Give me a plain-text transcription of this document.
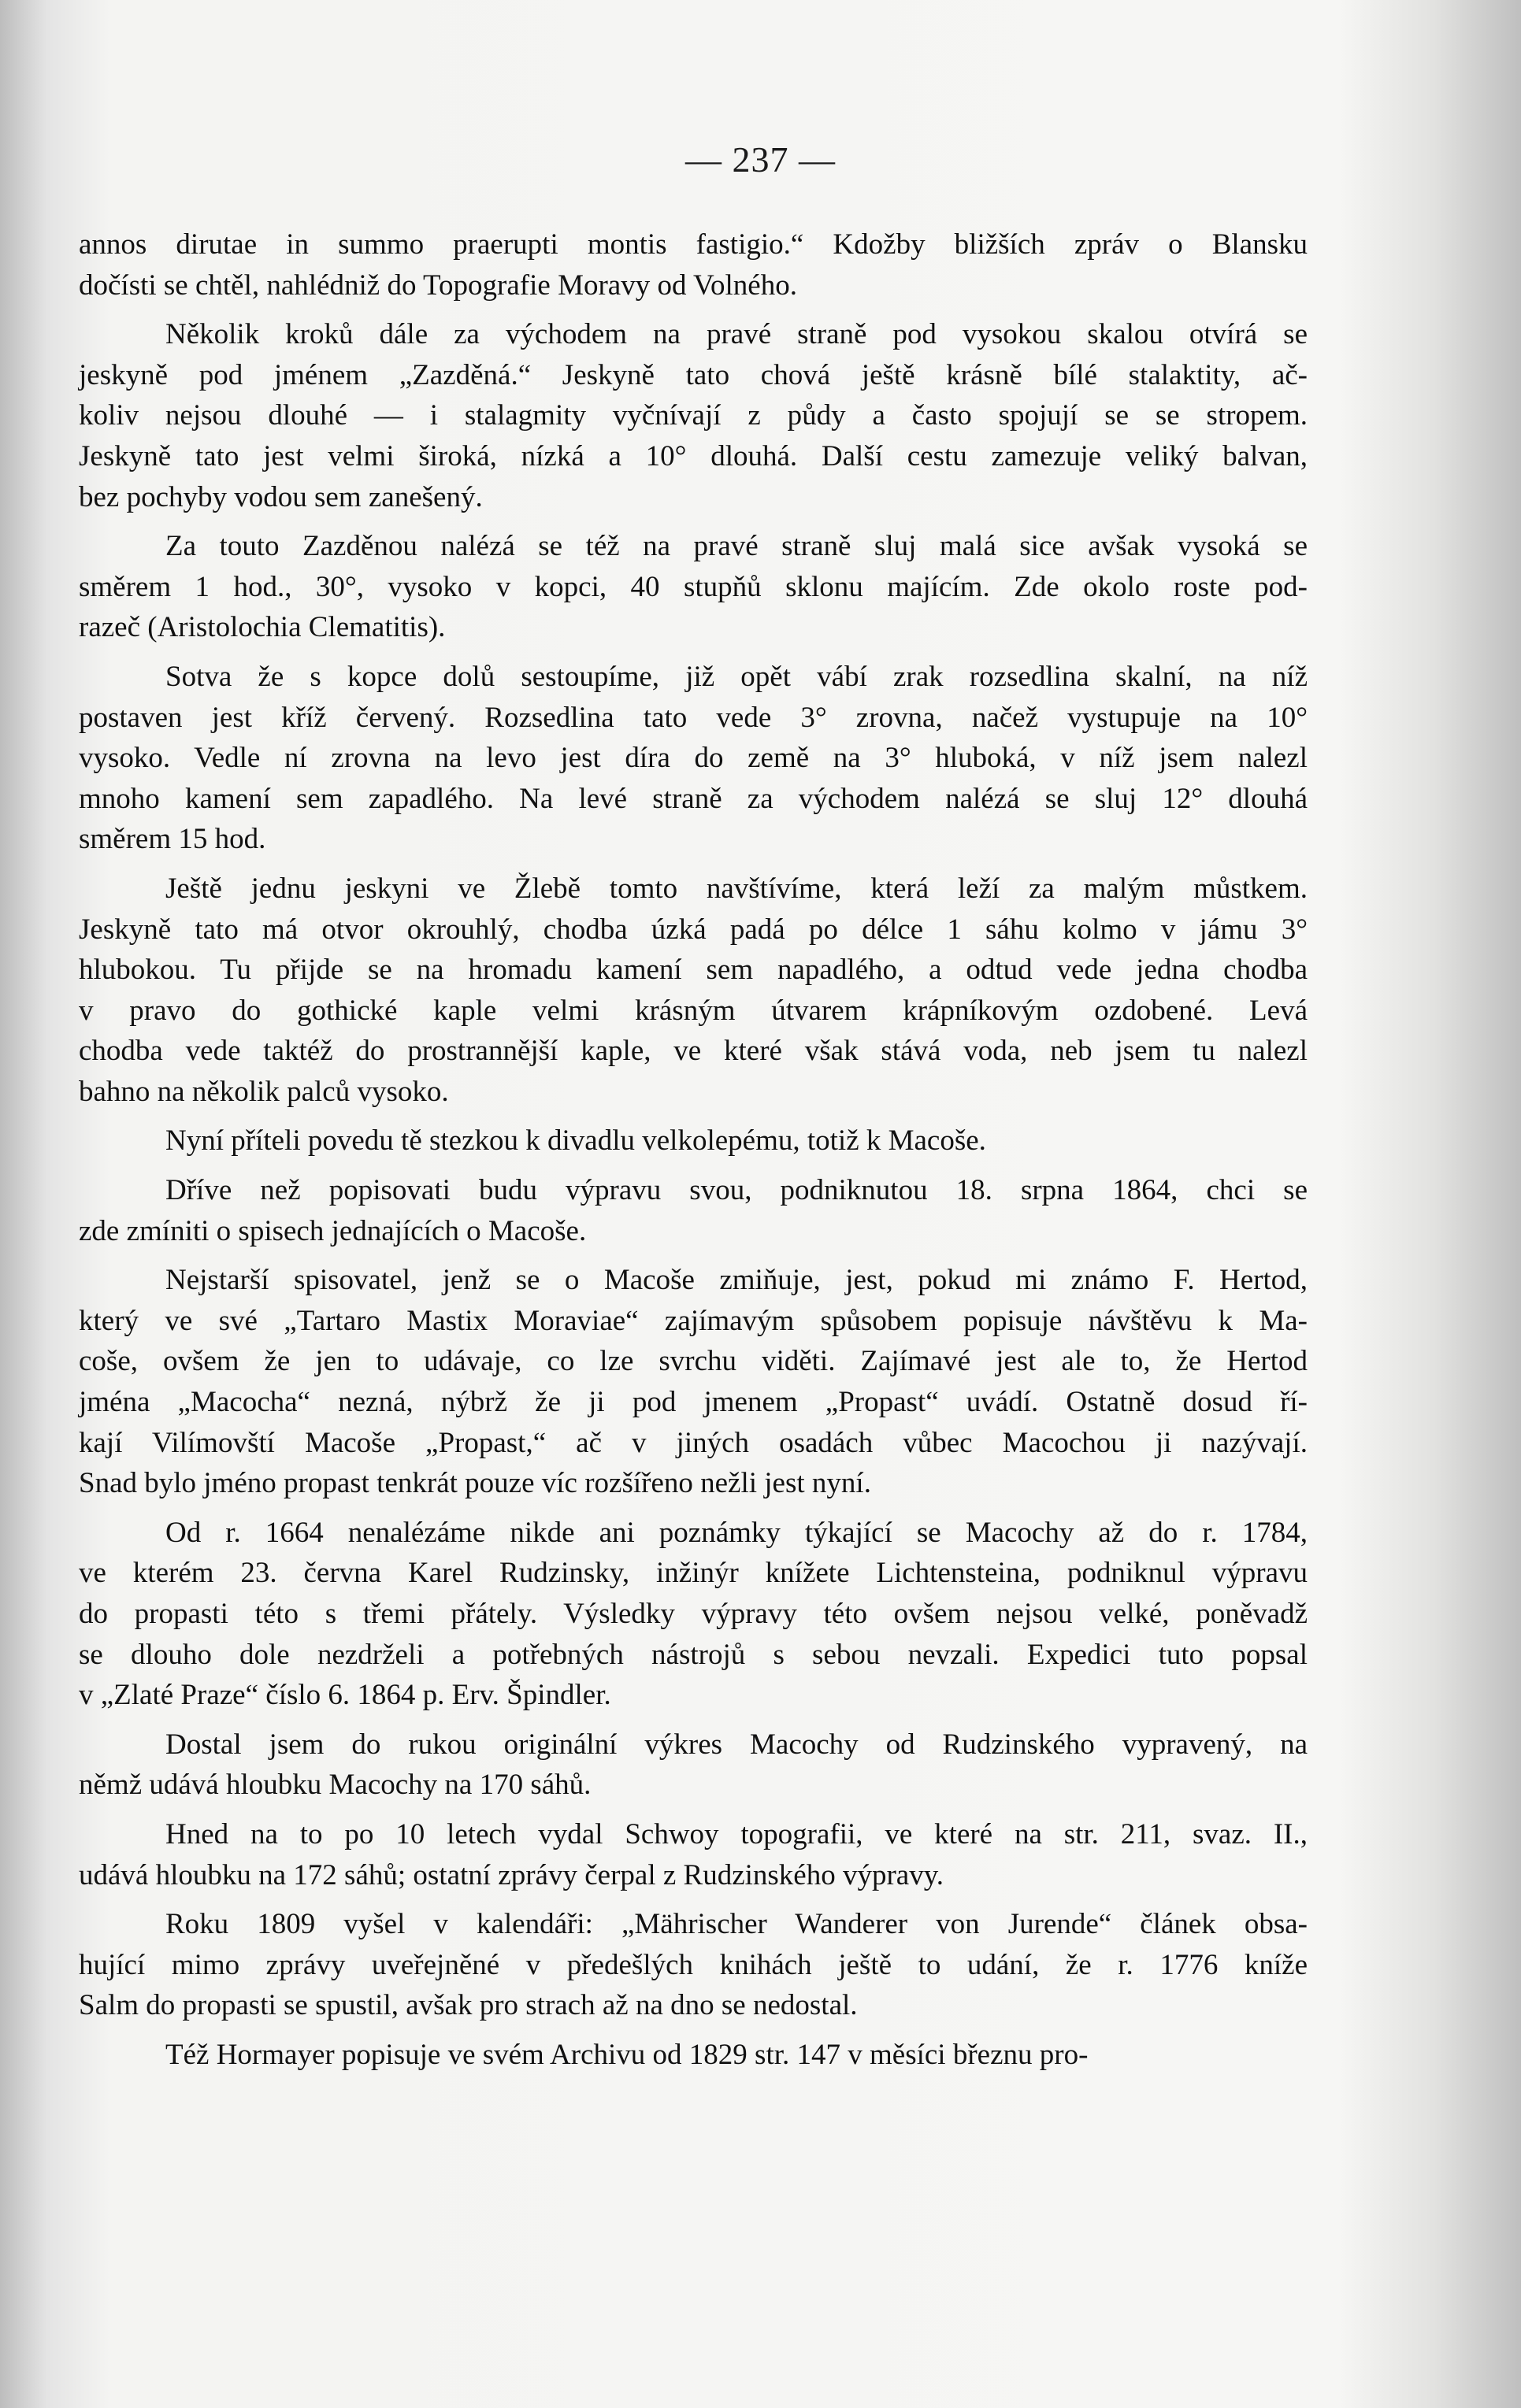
— 237 —
annos dirutae in summo praerupti montis fastigio.“ Kdožby bližších zpráv o Blansku
dočísti se chtěl, nahlédniž do Topografie Moravy od Volného.
Několik kroků dále za východem na pravé straně pod vysokou skalou otvírá se
jeskyně pod jménem „Zazděná.“ Jeskyně tato chová ještě krásně bílé stalaktity, ač-
koliv nejsou dlouhé — i stalagmity vyčnívají z půdy a často spojují se se stropem.
Jeskyně tato jest velmi široká, nízká a 10° dlouhá. Další cestu zamezuje veliký balvan,
bez pochyby vodou sem zanešený.
Za touto Zazděnou nalézá se též na pravé straně sluj malá sice avšak vysoká se
směrem 1 hod., 30°, vysoko v kopci, 40 stupňů sklonu majícím. Zde okolo roste pod-
razeč (Aristolochia Clematitis).
Sotva že s kopce dolů sestoupíme, již opět vábí zrak rozsedlina skalní, na níž
postaven jest kříž červený. Rozsedlina tato vede 3° zrovna, načež vystupuje na 10°
vysoko. Vedle ní zrovna na levo jest díra do země na 3° hluboká, v níž jsem nalezl
mnoho kamení sem zapadlého. Na levé straně za východem nalézá se sluj 12° dlouhá
směrem 15 hod.
Ještě jednu jeskyni ve Žlebě tomto navštívíme, která leží za malým můstkem.
Jeskyně tato má otvor okrouhlý, chodba úzká padá po délce 1 sáhu kolmo v jámu 3°
hlubokou. Tu přijde se na hromadu kamení sem napadlého, a odtud vede jedna chodba
v pravo do gothické kaple velmi krásným útvarem krápníkovým ozdobené. Levá
chodba vede taktéž do prostrannější kaple, ve které však stává voda, neb jsem tu nalezl
bahno na několik palců vysoko.
Nyní příteli povedu tě stezkou k divadlu velkolepému, totiž k Macoše.
Dříve než popisovati budu výpravu svou, podniknutou 18. srpna 1864, chci se
zde zmíniti o spisech jednajících o Macoše.
Nejstarší spisovatel, jenž se o Macoše zmiňuje, jest, pokud mi známo F. Hertod,
který ve své „Tartaro Mastix Moraviae“ zajímavým spůsobem popisuje návštěvu k Ma-
coše, ovšem že jen to udávaje, co lze svrchu viděti. Zajímavé jest ale to, že Hertod
jména „Macocha“ nezná, nýbrž že ji pod jmenem „Propast“ uvádí. Ostatně dosud ří-
kají Vilímovští Macoše „Propast,“ ač v jiných osadách vůbec Macochou ji nazývají.
Snad bylo jméno propast tenkrát pouze víc rozšířeno nežli jest nyní.
Od r. 1664 nenalézáme nikde ani poznámky týkající se Macochy až do r. 1784,
ve kterém 23. června Karel Rudzinsky, inžinýr knížete Lichtensteina, podniknul výpravu
do propasti této s třemi přátely. Výsledky výpravy této ovšem nejsou velké, poněvadž
se dlouho dole nezdrželi a potřebných nástrojů s sebou nevzali. Expedici tuto popsal
v „Zlaté Praze“ číslo 6. 1864 p. Erv. Špindler.
Dostal jsem do rukou originální výkres Macochy od Rudzinského vypravený, na
němž udává hloubku Macochy na 170 sáhů.
Hned na to po 10 letech vydal Schwoy topografii, ve které na str. 211, svaz. II.,
udává hloubku na 172 sáhů; ostatní zprávy čerpal z Rudzinského výpravy.
Roku 1809 vyšel v kalendáři: „Mährischer Wanderer von Jurende“ článek obsa-
hující mimo zprávy uveřejněné v předešlých knihách ještě to udání, že r. 1776 kníže
Salm do propasti se spustil, avšak pro strach až na dno se nedostal.
Též Hormayer popisuje ve svém Archivu od 1829 str. 147 v měsíci březnu pro-
